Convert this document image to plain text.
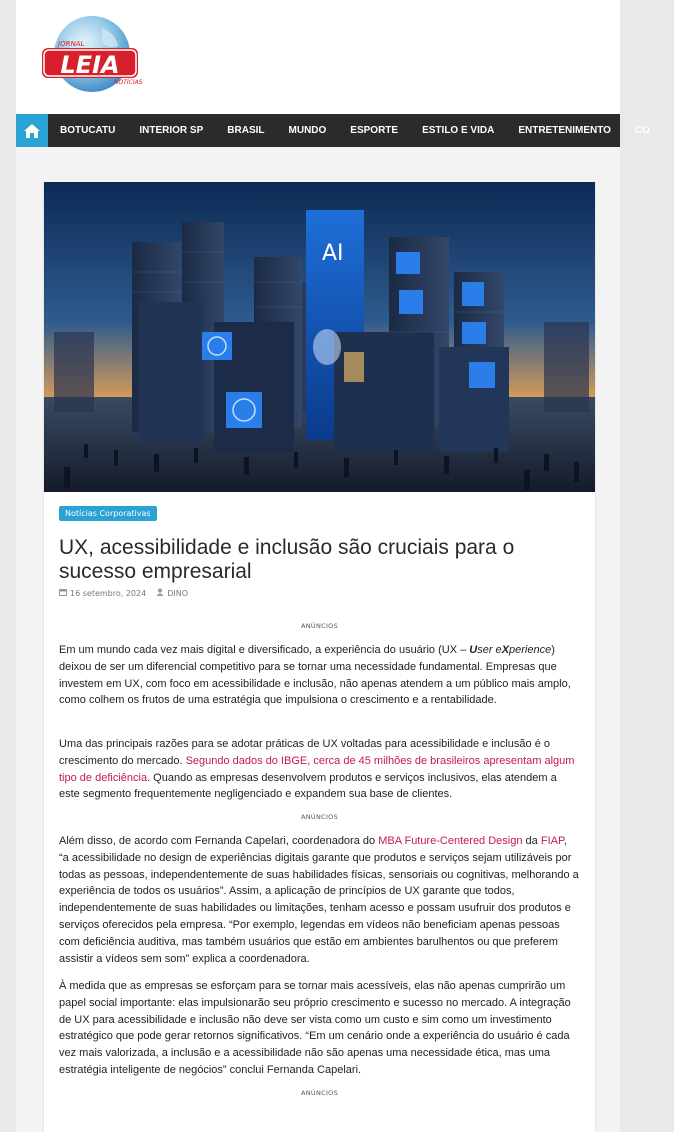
JORNAL
LEIA
NOTÍCIAS
BOTUCATU INTERIOR SP BRASIL MUNDO ESPORTE ESTILO E VIDA ENTRETENIMENTO CO
AI
Notícias Corporativas
UX, acessibilidade e inclusão são cruciais para o sucesso empresarial
16 setembro, 2024	DINO
ANÚNCIOS

Em um mundo cada vez mais digital e diversificado, a experiência do usuário (UX – User eXperience) deixou de ser um diferencial competitivo para se tornar uma necessidade fundamental. Empresas que investem em UX, com foco em acessibilidade e inclusão, não apenas atendem a um público mais amplo, como colhem os frutos de uma estratégia que impulsiona o crescimento e a rentabilidade.

Uma das principais razões para se adotar práticas de UX voltadas para acessibilidade e inclusão é o crescimento do mercado. Segundo dados do IBGE, cerca de 45 milhões de brasileiros apresentam algum tipo de deficiência. Quando as empresas desenvolvem produtos e serviços inclusivos, elas atendem a este segmento frequentemente negligenciado e expandem sua base de clientes.

ANÚNCIOS

Além disso, de acordo com Fernanda Capelari, coordenadora do MBA Future-Centered Design da FIAP, “a acessibilidade no design de experiências digitais garante que produtos e serviços sejam utilizáveis por todas as pessoas, independentemente de suas habilidades físicas, sensoriais ou cognitivas, melhorando a experiência de todos os usuários”. Assim, a aplicação de princípios de UX garante que todos, independentemente de suas habilidades ou limitações, tenham acesso e possam usufruir dos produtos e serviços oferecidos pela empresa. “Por exemplo, legendas em vídeos não beneficiam apenas pessoas com deficiência auditiva, mas também usuários que estão em ambientes barulhentos ou que preferem assistir a vídeos sem som” explica a coordenadora.

À medida que as empresas se esforçam para se tornar mais acessíveis, elas não apenas cumprirão um papel social importante: elas impulsionarão seu próprio crescimento e sucesso no mercado. A integração de UX para acessibilidade e inclusão não deve ser vista como um custo e sim como um investimento estratégico que pode gerar retornos significativos. “Em um cenário onde a experiência do usuário é cada vez mais valorizada, a inclusão e a acessibilidade não são apenas uma necessidade ética, mas uma estratégia inteligente de negócios” conclui Fernanda Capelari.

ANÚNCIOS
